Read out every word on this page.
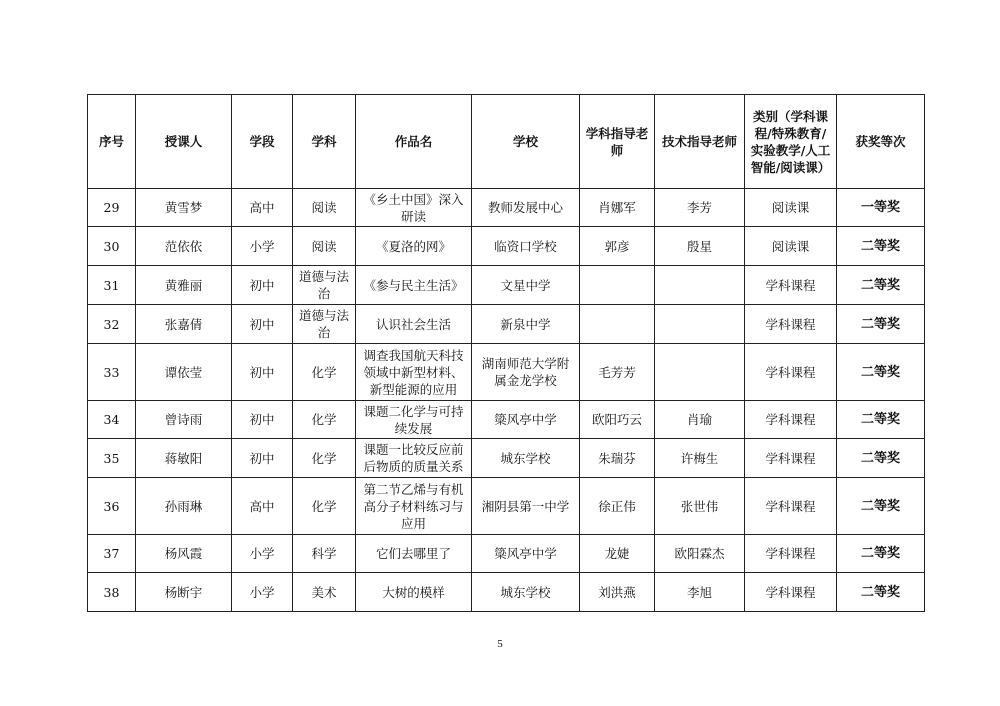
序号	授课人	学段	学科	作品名	学校	学科指导老师	技术指导老师	类别（学科课程/特殊教育/实验教学/人工智能/阅读课）	获奖等次
29	黄雪梦	高中	阅读	《乡土中国》深入研读	教师发展中心	肖娜军	李芳	阅读课	一等奖
30	范依依	小学	阅读	《夏洛的网》	临资口学校	郭彦	殷星	阅读课	二等奖
31	黄雅丽	初中	道德与法治	《参与民主生活》	文星中学			学科课程	二等奖
32	张嘉倩	初中	道德与法治	认识社会生活	新泉中学			学科课程	二等奖
33	谭依莹	初中	化学	调查我国航天科技领域中新型材料、新型能源的应用	湖南师范大学附属金龙学校	毛芳芳		学科课程	二等奖
34	曾诗雨	初中	化学	课题二化学与可持续发展	簗风亭中学	欧阳巧云	肖瑜	学科课程	二等奖
35	蒋敏阳	初中	化学	课题一比较反应前后物质的质量关系	城东学校	朱瑞芬	许梅生	学科课程	二等奖
36	孙雨琳	高中	化学	第二节乙烯与有机高分子材料练习与应用	湘阴县第一中学	徐正伟	张世伟	学科课程	二等奖
37	杨风霞	小学	科学	它们去哪里了	簗风亭中学	龙婕	欧阳霖杰	学科课程	二等奖
38	杨断宇	小学	美术	大树的模样	城东学校	刘洪燕	李旭	学科课程	二等奖
5
